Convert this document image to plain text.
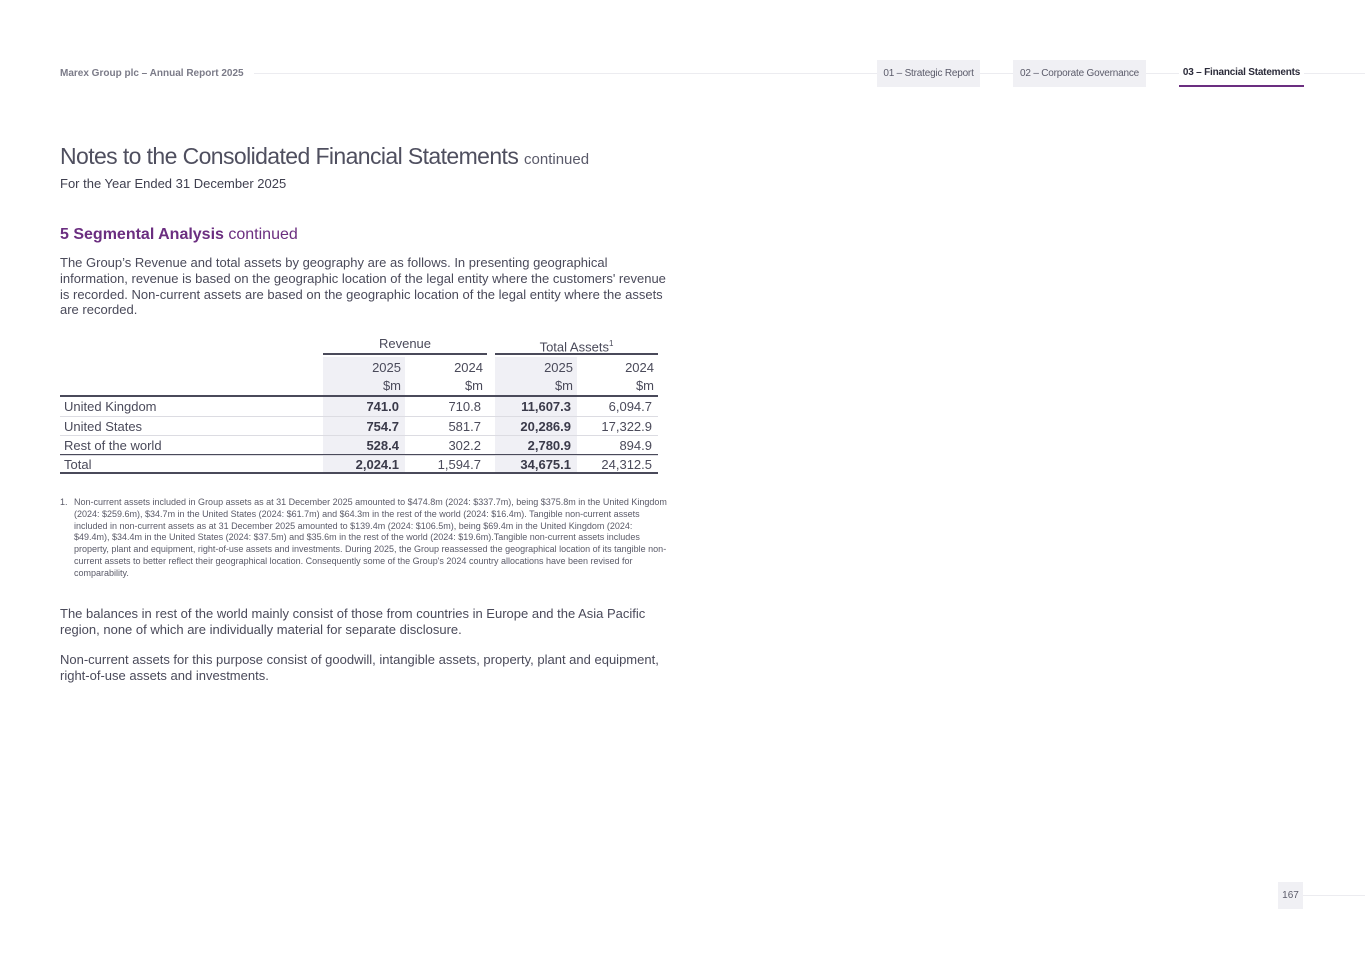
Marex Group plc – Annual Report 2025	01 – Strategic Report	02 – Corporate Governance	03 – Financial Statements
Notes to the Consolidated Financial Statements continued
For the Year Ended 31 December 2025
5 Segmental Analysis continued
The Group’s Revenue and total assets by geography are as follows. In presenting geographical information, revenue is based on the geographic location of the legal entity where the customers' revenue is recorded. Non-current assets are based on the geographic location of the legal entity where the assets are recorded.
Revenue	Total Assets$^1$
2025	2024	2025	2024
$m	$m	$m	$m
United Kingdom	741.0	710.8	11,607.3	6,094.7
United States	754.7	581.7	20,286.9	17,322.9
Rest of the world	528.4	302.2	2,780.9	894.9
Total	2,024.1	1,594.7	34,675.1	24,312.5
1. Non-current assets included in Group assets as at 31 December 2025 amounted to $474.8m (2024: $337.7m), being $375.8m in the United Kingdom (2024: $259.6m), $34.7m in the United States (2024: $61.7m) and $64.3m in the rest of the world (2024: $16.4m). Tangible non-current assets included in non-current assets as at 31 December 2025 amounted to $139.4m (2024: $106.5m), being $69.4m in the United Kingdom (2024: $49.4m), $34.4m in the United States (2024: $37.5m) and $35.6m in the rest of the world (2024: $19.6m).Tangible non-current assets includes property, plant and equipment, right-of-use assets and investments. During 2025, the Group reassessed the geographical location of its tangible non-current assets to better reflect their geographical location. Consequently some of the Group's 2024 country allocations have been revised for comparability.
The balances in rest of the world mainly consist of those from countries in Europe and the Asia Pacific region, none of which are individually material for separate disclosure.
Non-current assets for this purpose consist of goodwill, intangible assets, property, plant and equipment, right-of-use assets and investments.
167
